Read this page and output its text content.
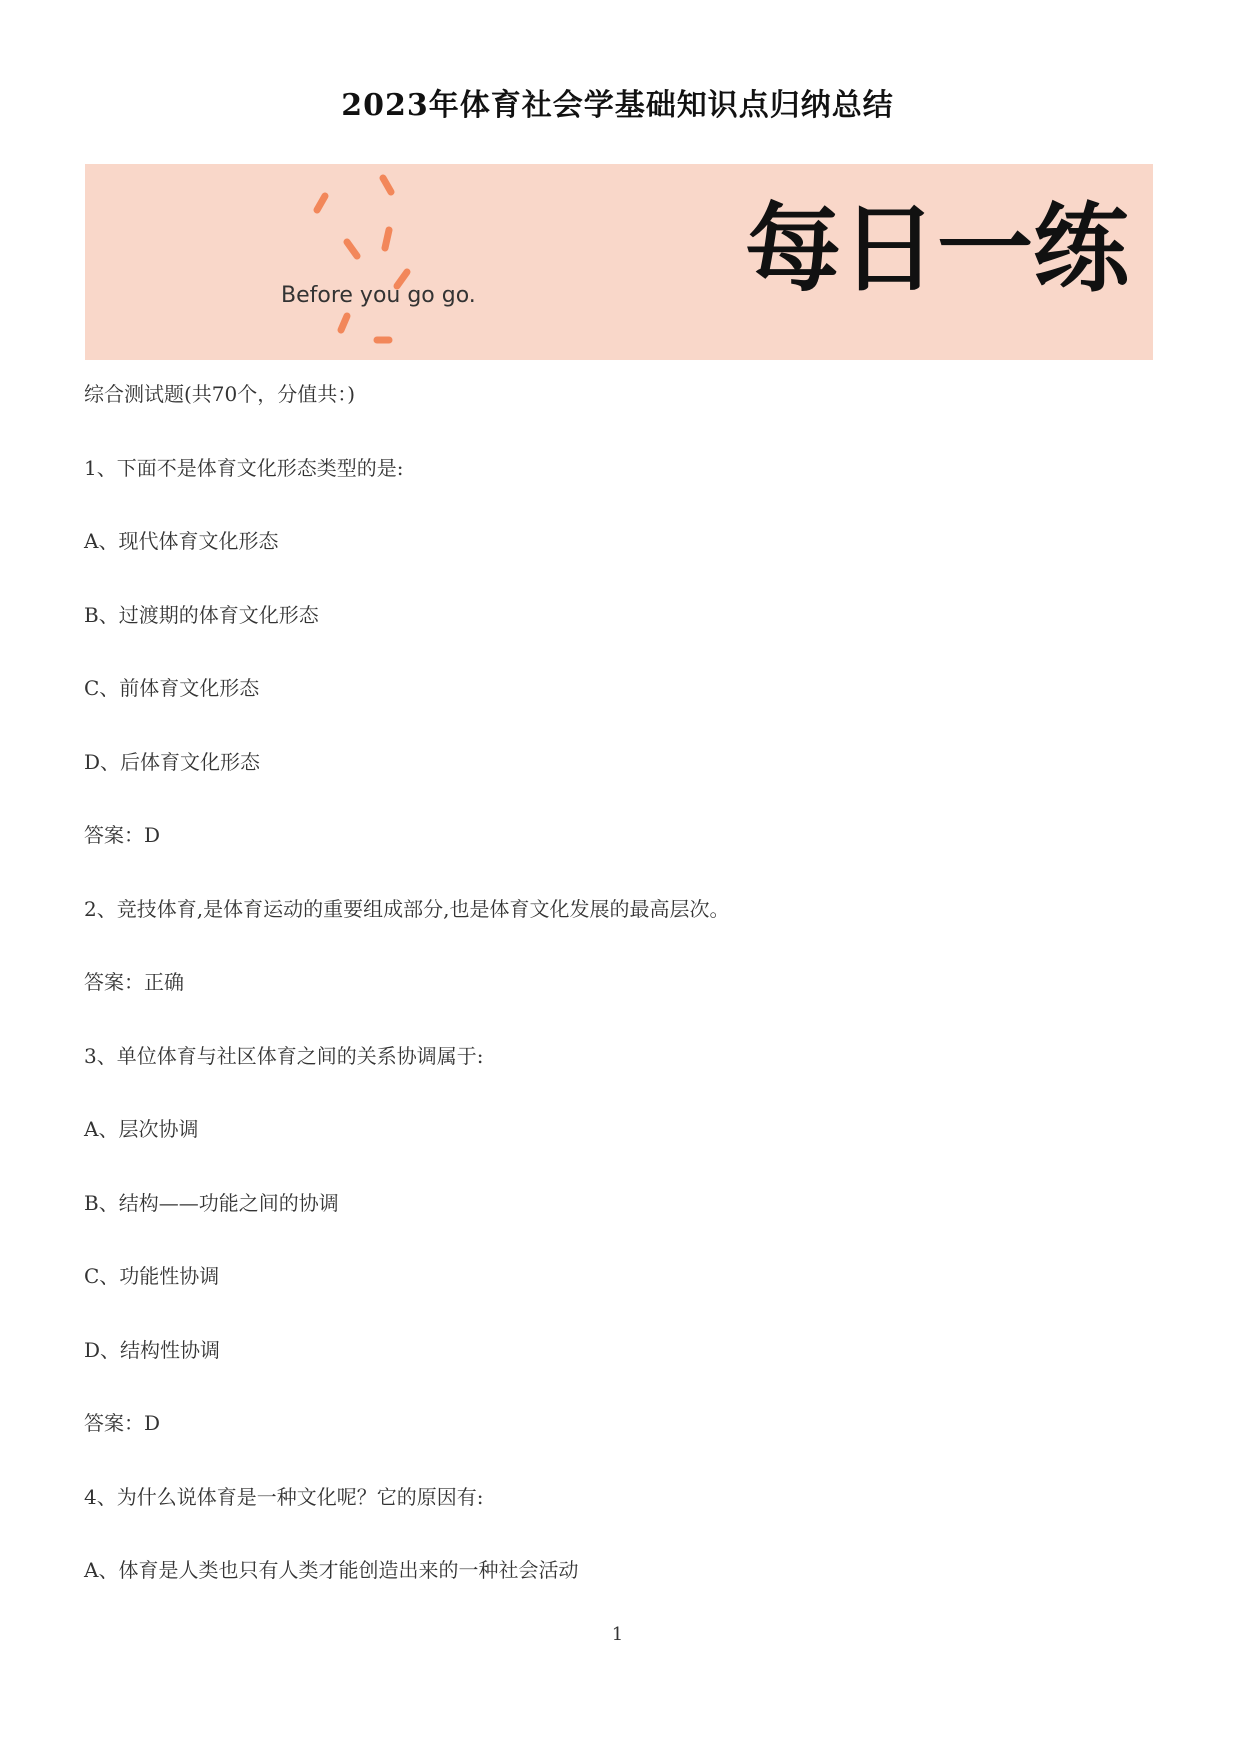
2023年体育社会学基础知识点归纳总结
Before you go go.	每日一练
综合测试题(共70个，分值共：)
1、下面不是体育文化形态类型的是:
A、现代体育文化形态
B、过渡期的体育文化形态
C、前体育文化形态
D、后体育文化形态
答案：D
2、竞技体育,是体育运动的重要组成部分,也是体育文化发展的最高层次。
答案：正确
3、单位体育与社区体育之间的关系协调属于:
A、层次协调
B、结构——功能之间的协调
C、功能性协调
D、结构性协调
答案：D
4、为什么说体育是一种文化呢？它的原因有:
A、体育是人类也只有人类才能创造出来的一种社会活动
1
